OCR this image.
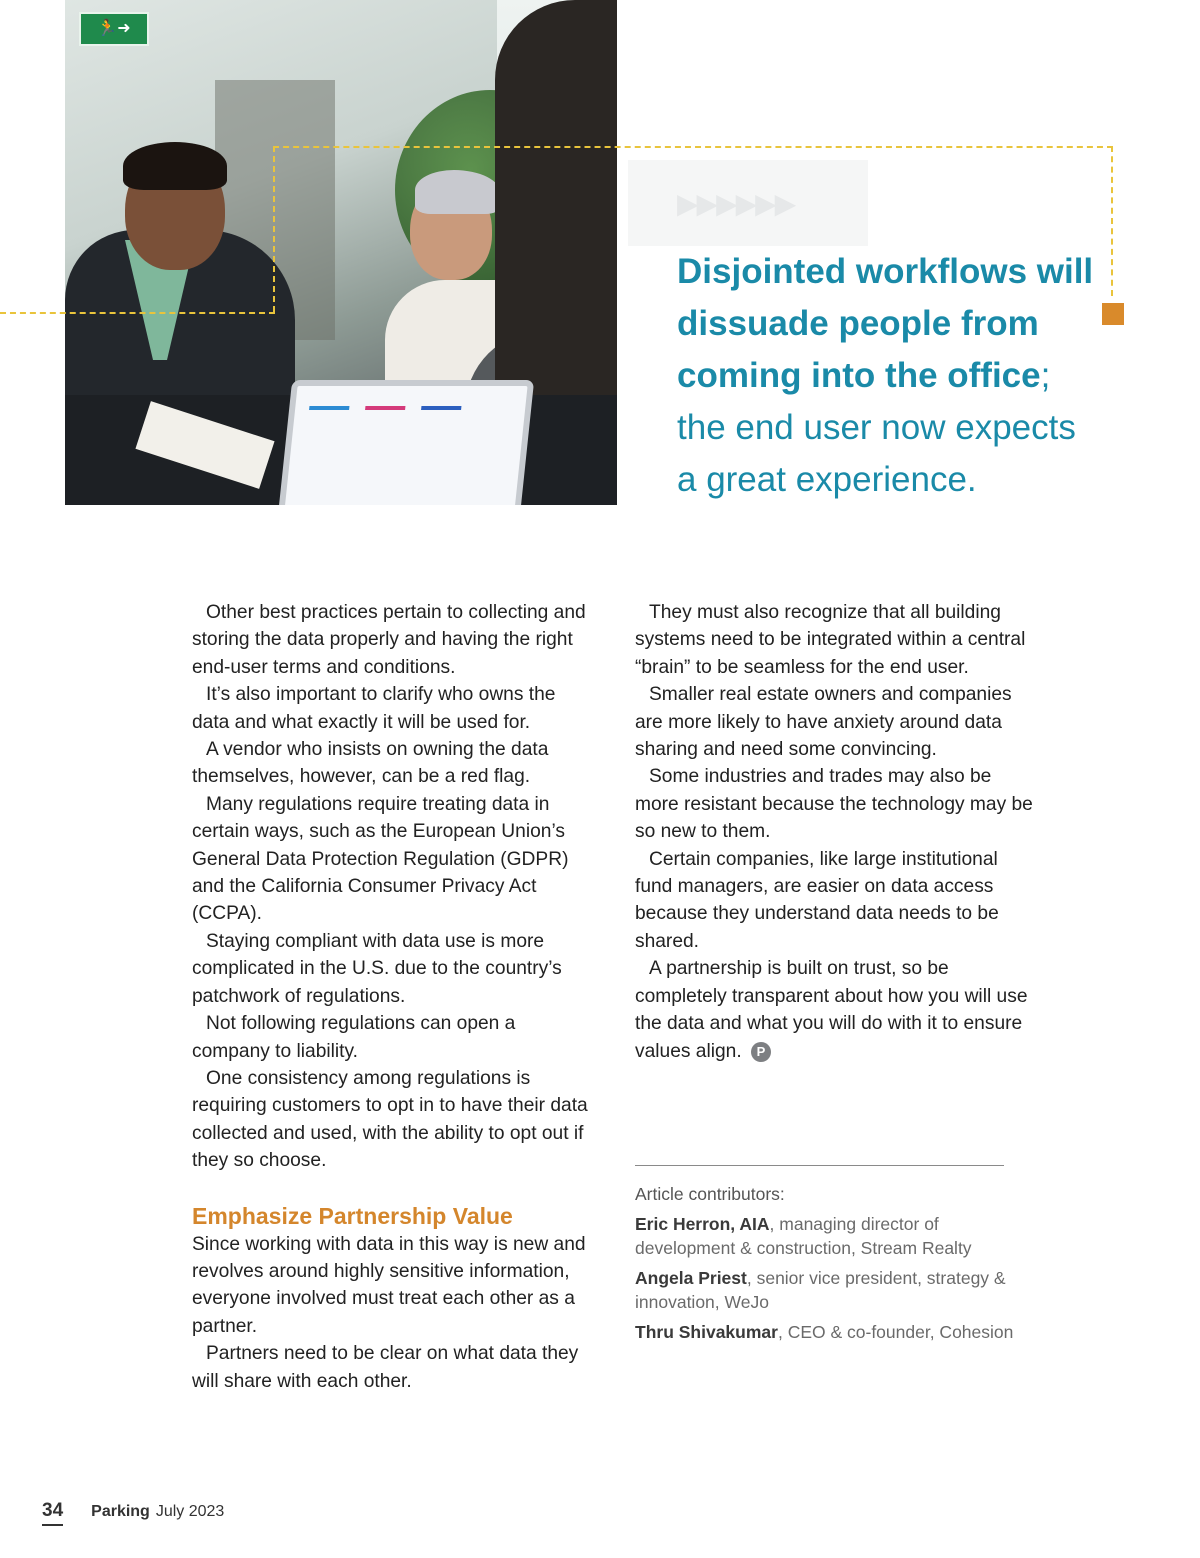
🏃➜
▶▶▶▶▶▶
Disjointed workflows will dissuade people from coming into the office; the end user now expects a great experience.

Other best practices pertain to collecting and storing the data properly and having the right end-user terms and conditions.

It’s also important to clarify who owns the data and what exactly it will be used for.

A vendor who insists on owning the data themselves, however, can be a red flag.

Many regulations require treating data in certain ways, such as the European Union’s General Data Protection Regulation (GDPR) and the California Consumer Privacy Act (CCPA).

Staying compliant with data use is more complicated in the U.S. due to the country’s patchwork of regulations.

Not following regulations can open a company to liability.

One consistency among regulations is requiring customers to opt in to have their data collected and used, with the ability to opt out if they so choose.

Emphasize Partnership Value

Since working with data in this way is new and revolves around highly sensitive information, everyone involved must treat each other as a partner.

Partners need to be clear on what data they will share with each other.

They must also recognize that all building systems need to be integrated within a central “brain” to be seamless for the end user.

Smaller real estate owners and companies are more likely to have anxiety around data sharing and need some convincing.

Some industries and trades may also be more resistant because the technology may be so new to them.

Certain companies, like large institutional fund managers, are easier on data access because they understand data needs to be shared.

A partnership is built on trust, so be completely transparent about how you will use the data and what you will do with it to ensure values align. P

Article contributors:

Eric Herron, AIA, managing director of development & construction, Stream Realty

Angela Priest, senior vice president, strategy & innovation, WeJo

Thru Shivakumar, CEO & co-founder, Cohesion

34 Parking July 2023
